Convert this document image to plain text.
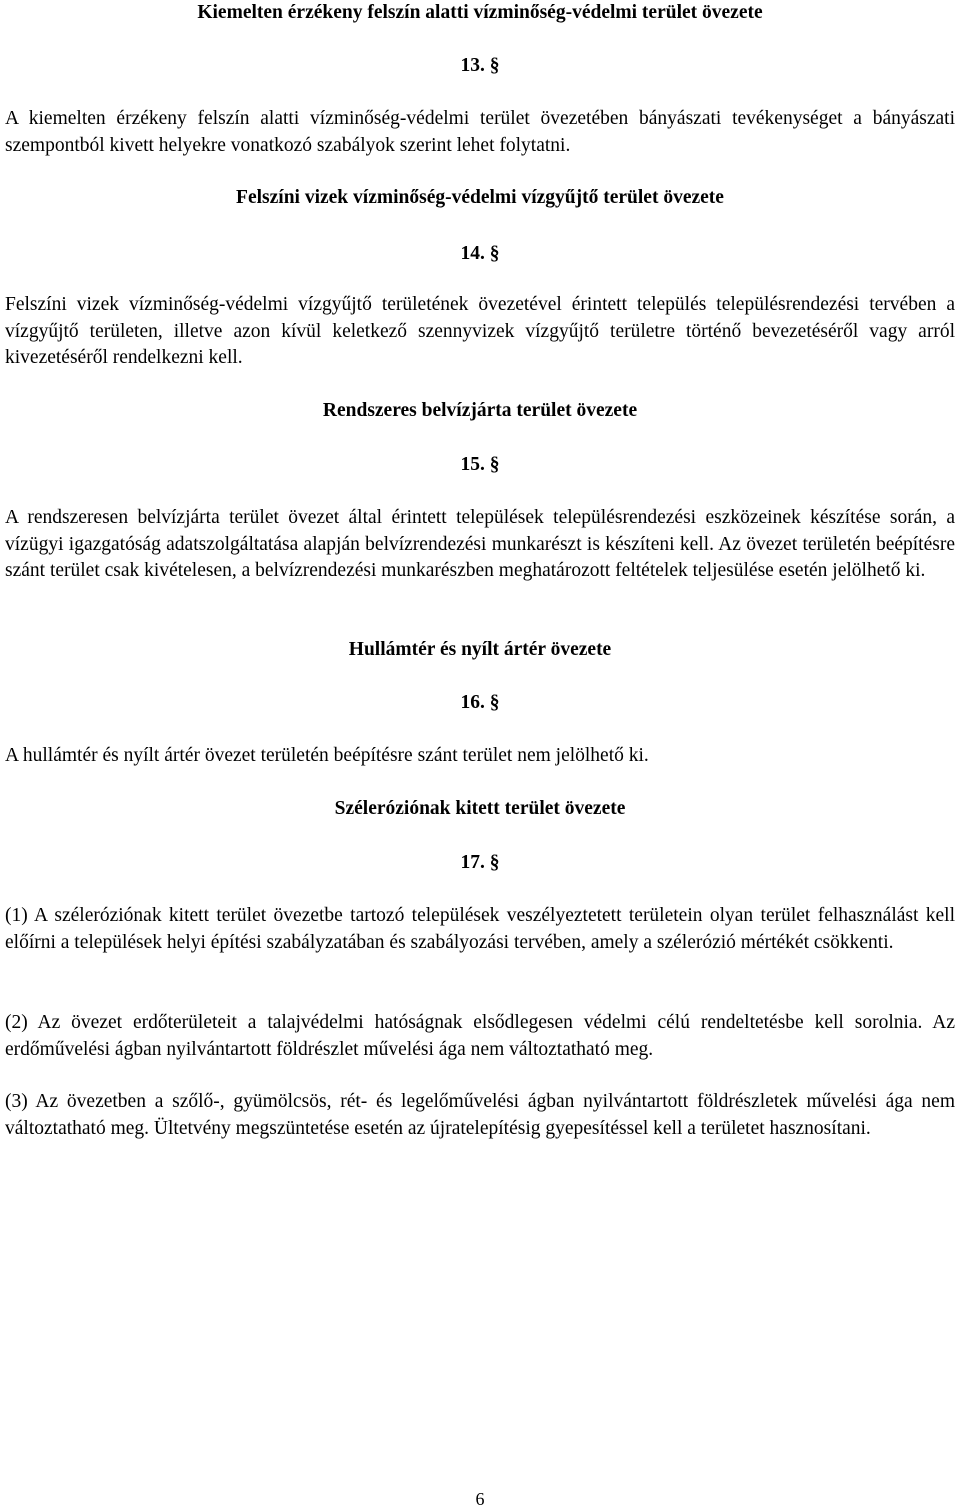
Kiemelten érzékeny felszín alatti vízminőség-védelmi terület övezete
13. §
A kiemelten érzékeny felszín alatti vízminőség-védelmi terület övezetében bányászati tevékenységet a bányászati szempontból kivett helyekre vonatkozó szabályok szerint lehet folytatni.
Felszíni vizek vízminőség-védelmi vízgyűjtő terület övezete
14. §
Felszíni vizek vízminőség-védelmi vízgyűjtő területének övezetével érintett település településrendezési tervében a vízgyűjtő területen, illetve azon kívül keletkező szennyvizek vízgyűjtő területre történő bevezetéséről vagy arról kivezetéséről rendelkezni kell.
Rendszeres belvízjárta terület övezete
15. §
A rendszeresen belvízjárta terület övezet által érintett települések településrendezési eszközeinek készítése során, a vízügyi igazgatóság adatszolgáltatása alapján belvízrendezési munkarészt is készíteni kell. Az övezet területén beépítésre szánt terület csak kivételesen, a belvízrendezési munkarészben meghatározott feltételek teljesülése esetén jelölhető ki.
Hullámtér és nyílt ártér övezete
16. §
A hullámtér és nyílt ártér övezet területén beépítésre szánt terület nem jelölhető ki.
Széleróziónak kitett terület övezete
17. §
(1) A széleróziónak kitett terület övezetbe tartozó települések veszélyeztetett területein olyan terület felhasználást kell előírni a települések helyi építési szabályzatában és szabályozási tervében, amely a szélerózió mértékét csökkenti.
(2) Az övezet erdőterületeit a talajvédelmi hatóságnak elsődlegesen védelmi célú rendeltetésbe kell sorolnia. Az erdőművelési ágban nyilvántartott földrészlet művelési ága nem változtatható meg.
(3) Az övezetben a szőlő-, gyümölcsös, rét- és legelőművelési ágban nyilvántartott földrészletek művelési ága nem változtatható meg. Ültetvény megszüntetése esetén az újratelepítésig gyepesítéssel kell a területet hasznosítani.
6
